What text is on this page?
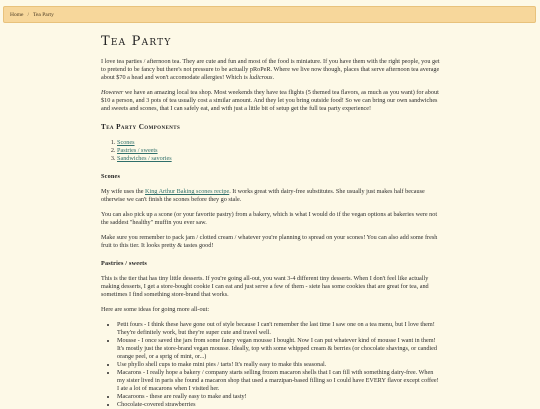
Home / Tea Party
Tea Party

I love tea parties / afternoon tea. They are cute and fun and most of the food is miniature. If you have them with the right people, you get to pretend to be fancy but there's not pressure to be actually pRoPeR. Where we live now though, places that serve afternoon tea average about $70 a head and won't accomodate allergies! Which is ludicrous.

However we have an amazing local tea shop. Most weekends they have tea flights (5 themed tea flavors, as much as you want) for about $10 a person, and 3 pots of tea usually cost a similar amount. And they let you bring outside food! So we can bring our own sandwiches and sweets and scones, that I can safely eat, and with just a little bit of setup get the full tea party experience!

Tea Party Components
1. Scones
2. Pastries / sweets
3. Sandwiches / savories
Scones

My wife uses the King Arthur Baking scones recipe. It works great with dairy-free substitutes. She usually just makes half because otherwise we can't finish the scones before they go stale.

You can also pick up a scone (or your favorite pastry) from a bakery, which is what I would do if the vegan options at bakeries were not the saddest "healthy" muffin you ever saw.

Make sure you remember to pack jam / clotted cream / whatever you're planning to spread on your scones! You can also add some fresh fruit to this tier. It looks pretty & tastes good!

Pastries / sweets

This is the tier that has tiny little desserts. If you're going all-out, you want 3-4 different tiny desserts. When I don't feel like actually making desserts, I get a store-bought cookie I can eat and just serve a few of them - siete has some cookies that are great for tea, and sometimes I find something store-brand that works.

Here are some ideas for going more all-out:

• Petit fours - I think these have gone out of style because I can't remember the last time I saw one on a tea menu, but I love them! They're definitely work, but they're super cute and travel well.
• Mousse - I once saved the jars from some fancy vegan mousse I bought. Now I can put whatever kind of mousse I want in them! It's mostly just the store-brand vegan mousse. Ideally, top with some whipped cream & berries (or chocolate shavings, or candied orange peel, or a sprig of mint, or...)
• Use phyllo shell cups to make mini pies / tarts! It's really easy to make this seasonal.
• Macarons - I really hope a bakery / company starts selling frozen macaron shells that I can fill with something dairy-free. When my sister lived in paris she found a macaron shop that used a marzipan-based filling so I could have EVERY flavor except coffee! I ate a lot of macarons when I visited her.
• Macaroons - these are really easy to make and tasty!
• Chocolate-covered strawberries
